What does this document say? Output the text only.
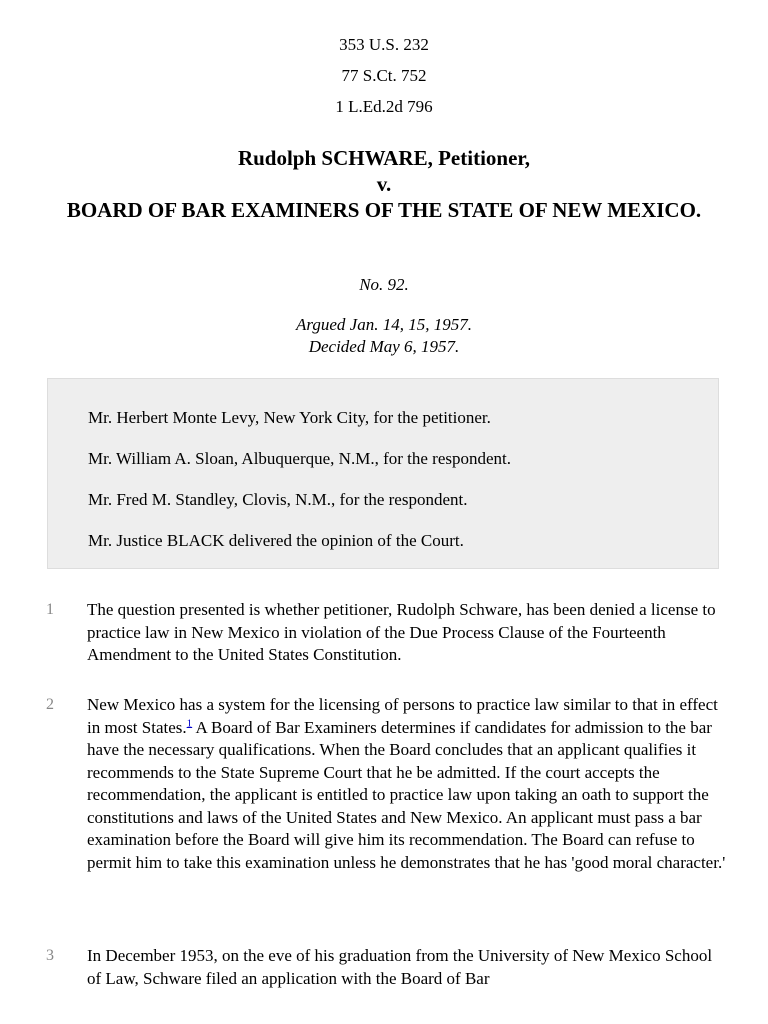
353 U.S. 232
77 S.Ct. 752
1 L.Ed.2d 796
Rudolph SCHWARE, Petitioner,
v.
BOARD OF BAR EXAMINERS OF THE STATE OF NEW MEXICO.
No. 92.
Argued Jan. 14, 15, 1957.
Decided May 6, 1957.
Mr. Herbert Monte Levy, New York City, for the petitioner.
Mr. William A. Sloan, Albuquerque, N.M., for the respondent.
Mr. Fred M. Standley, Clovis, N.M., for the respondent.
Mr. Justice BLACK delivered the opinion of the Court.
1 The question presented is whether petitioner, Rudolph Schware, has been denied a license to practice law in New Mexico in violation of the Due Process Clause of the Fourteenth Amendment to the United States Constitution.
2 New Mexico has a system for the licensing of persons to practice law similar to that in effect in most States.$^1$ A Board of Bar Examiners determines if candidates for admission to the bar have the necessary qualifications. When the Board concludes that an applicant qualifies it recommends to the State Supreme Court that he be admitted. If the court accepts the recommendation, the applicant is entitled to practice law upon taking an oath to support the constitutions and laws of the United States and New Mexico. An applicant must pass a bar examination before the Board will give him its recommendation. The Board can refuse to permit him to take this examination unless he demonstrates that he has 'good moral character.'
3 In December 1953, on the eve of his graduation from the University of New Mexico School of Law, Schware filed an application with the Board of Bar
